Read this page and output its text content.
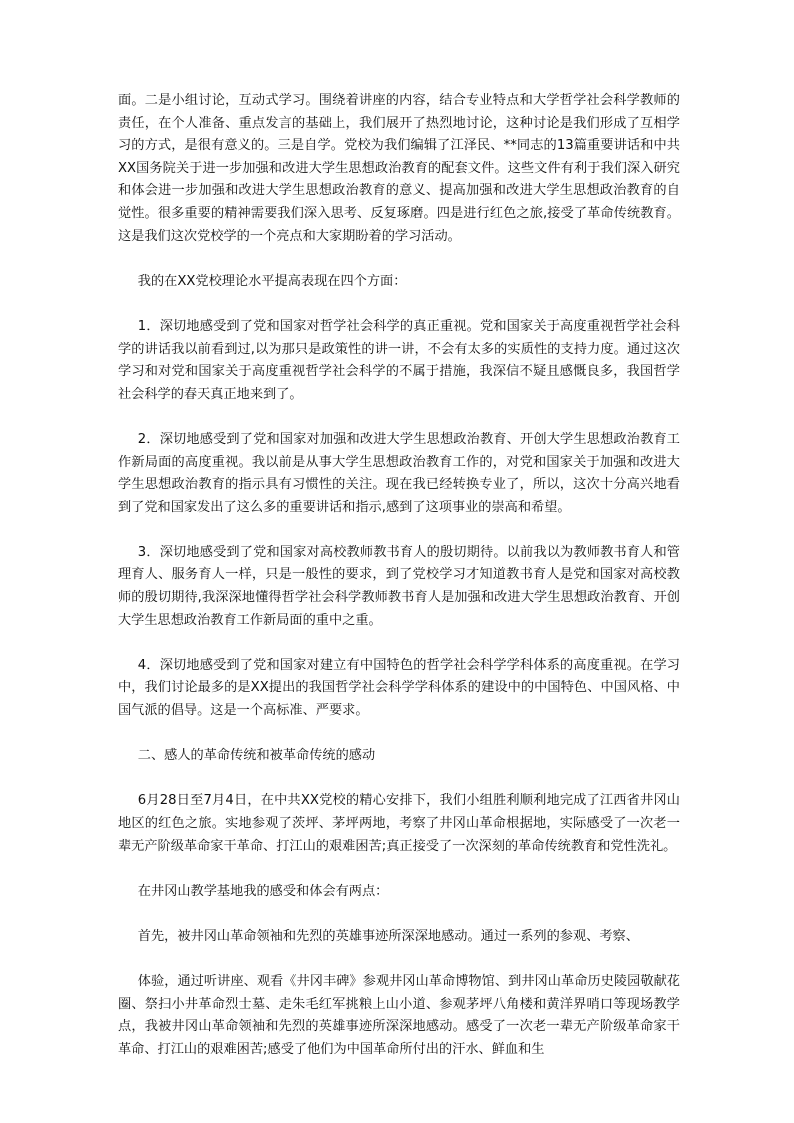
面。二是小组讨论，互动式学习。围绕着讲座的内容，结合专业特点和大学哲学社会科学教师的责任，在个人准备、重点发言的基础上，我们展开了热烈地讨论，这种讨论是我们形成了互相学习的方式，是很有意义的。三是自学。党校为我们编辑了江泽民、**同志的13篇重要讲话和中共XX国务院关于进一步加强和改进大学生思想政治教育的配套文件。这些文件有利于我们深入研究和体会进一步加强和改进大学生思想政治教育的意义、提高加强和改进大学生思想政治教育的自觉性。很多重要的精神需要我们深入思考、反复琢磨。四是进行红色之旅,接受了革命传统教育。这是我们这次党校学的一个亮点和大家期盼着的学习活动。

我的在XX党校理论水平提高表现在四个方面：

1．深切地感受到了党和国家对哲学社会科学的真正重视。党和国家关于高度重视哲学社会科学的讲话我以前看到过,以为那只是政策性的讲一讲，不会有太多的实质性的支持力度。通过这次学习和对党和国家关于高度重视哲学社会科学的不属于措施，我深信不疑且感慨良多，我国哲学社会科学的春天真正地来到了。

2．深切地感受到了党和国家对加强和改进大学生思想政治教育、开创大学生思想政治教育工作新局面的高度重视。我以前是从事大学生思想政治教育工作的，对党和国家关于加强和改进大学生思想政治教育的指示具有习惯性的关注。现在我已经转换专业了，所以，这次十分高兴地看到了党和国家发出了这么多的重要讲话和指示,感到了这项事业的崇高和希望。

3．深切地感受到了党和国家对高校教师教书育人的殷切期待。以前我以为教师教书育人和管理育人、服务育人一样，只是一般性的要求，到了党校学习才知道教书育人是党和国家对高校教师的殷切期待,我深深地懂得哲学社会科学教师教书育人是加强和改进大学生思想政治教育、开创大学生思想政治教育工作新局面的重中之重。

4．深切地感受到了党和国家对建立有中国特色的哲学社会科学学科体系的高度重视。在学习中，我们讨论最多的是XX提出的我国哲学社会科学学科体系的建设中的中国特色、中国风格、中国气派的倡导。这是一个高标准、严要求。

二、感人的革命传统和被革命传统的感动

6月28日至7月4日，在中共XX党校的精心安排下，我们小组胜利顺利地完成了江西省井冈山地区的红色之旅。实地参观了茨坪、茅坪两地，考察了井冈山革命根据地，实际感受了一次老一辈无产阶级革命家干革命、打江山的艰难困苦;真正接受了一次深刻的革命传统教育和党性洗礼。

在井冈山教学基地我的感受和体会有两点：

首先，被井冈山革命领袖和先烈的英雄事迹所深深地感动。通过一系列的参观、考察、

体验，通过听讲座、观看《井冈丰碑》参观井冈山革命博物馆、到井冈山革命历史陵园敬献花圈、祭扫小井革命烈士墓、走朱毛红军挑粮上山小道、参观茅坪八角楼和黄洋界哨口等现场教学点，我被井冈山革命领袖和先烈的英雄事迹所深深地感动。感受了一次老一辈无产阶级革命家干革命、打江山的艰难困苦;感受了他们为中国革命所付出的汗水、鲜血和生
